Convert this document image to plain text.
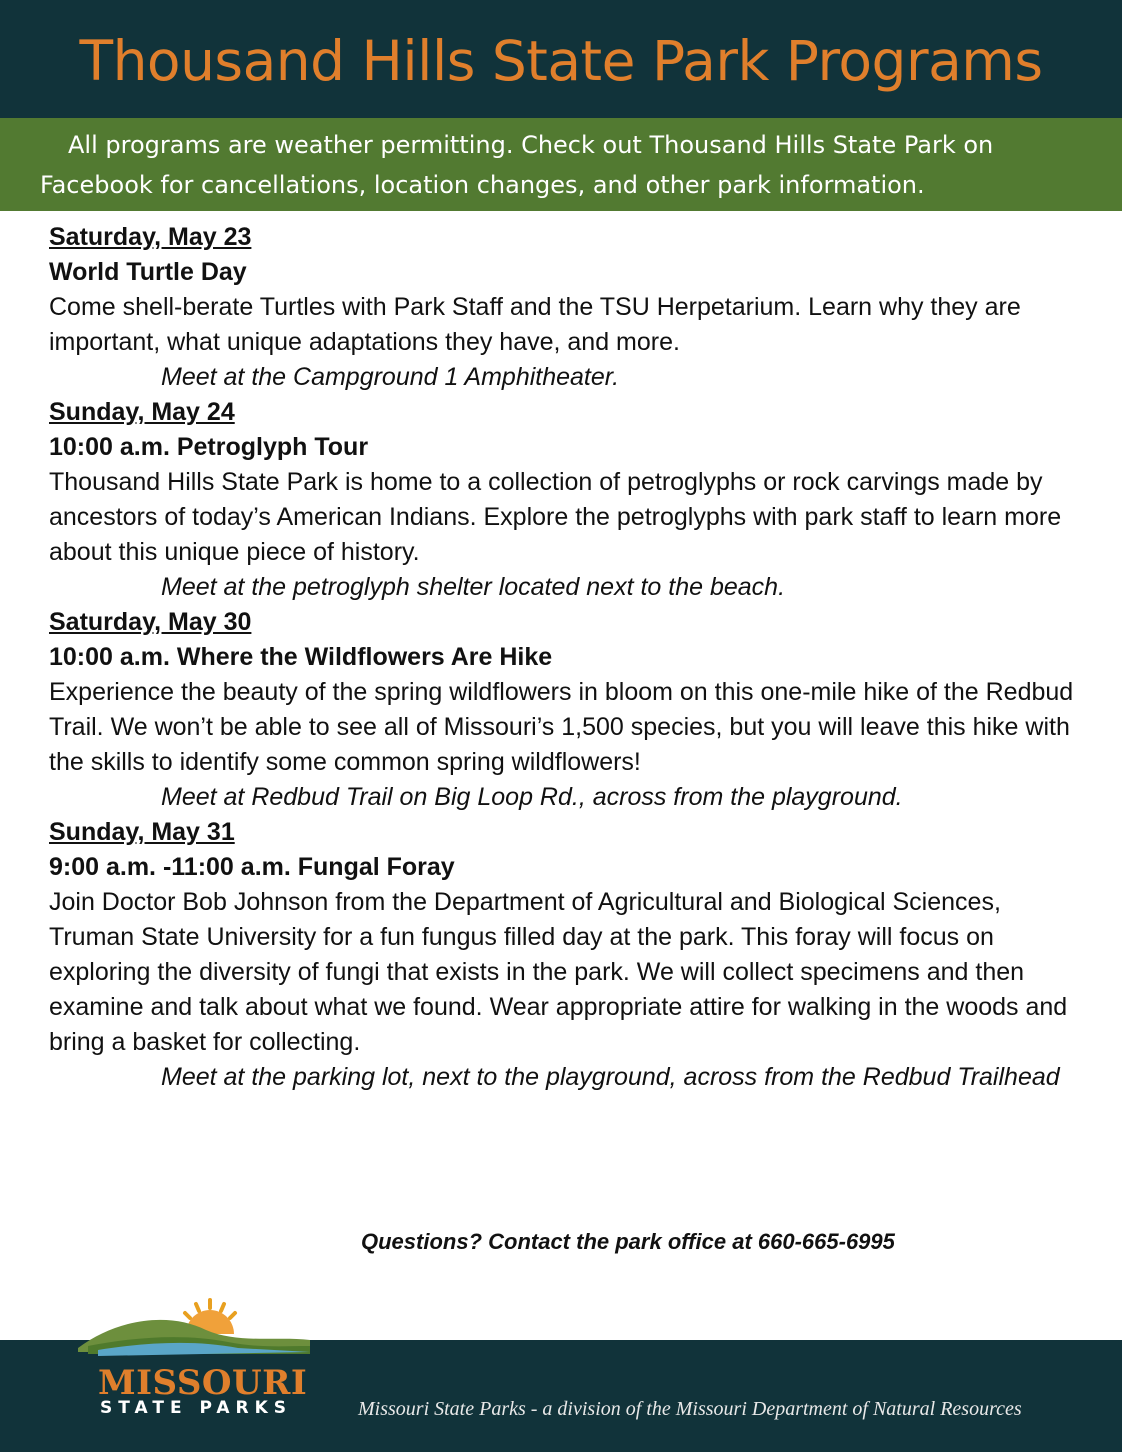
Thousand Hills State Park Programs
All programs are weather permitting. Check out Thousand Hills State Park on
Facebook for cancellations, location changes, and other park information.

Saturday, May 23

World Turtle Day

Come shell-berate Turtles with Park Staff and the TSU Herpetarium. Learn why they are important, what unique adaptations they have, and more.

Meet at the Campground 1 Amphitheater.

Sunday, May 24

10:00 a.m. Petroglyph Tour

Thousand Hills State Park is home to a collection of petroglyphs or rock carvings made by ancestors of today’s American Indians. Explore the petroglyphs with park staff to learn more about this unique piece of history.

Meet at the petroglyph shelter located next to the beach.

Saturday, May 30

10:00 a.m. Where the Wildflowers Are Hike

Experience the beauty of the spring wildflowers in bloom on this one-mile hike of the Redbud Trail. We won’t be able to see all of Missouri’s 1,500 species, but you will leave this hike with the skills to identify some common spring wildflowers!

Meet at Redbud Trail on Big Loop Rd., across from the playground.

Sunday, May 31

9:00 a.m. -11:00 a.m. Fungal Foray

Join Doctor Bob Johnson from the Department of Agricultural and Biological Sciences, Truman State University for a fun fungus filled day at the park. This foray will focus on exploring the diversity of fungi that exists in the park. We will collect specimens and then examine and talk about what we found. Wear appropriate attire for walking in the woods and bring a basket for collecting.

Meet at the parking lot, next to the playground, across from the Redbud Trailhead

Questions? Contact the park office at 660-665-6995
MISSOURI
STATE PARKS	Missouri State Parks - a division of the Missouri Department of Natural Resources
